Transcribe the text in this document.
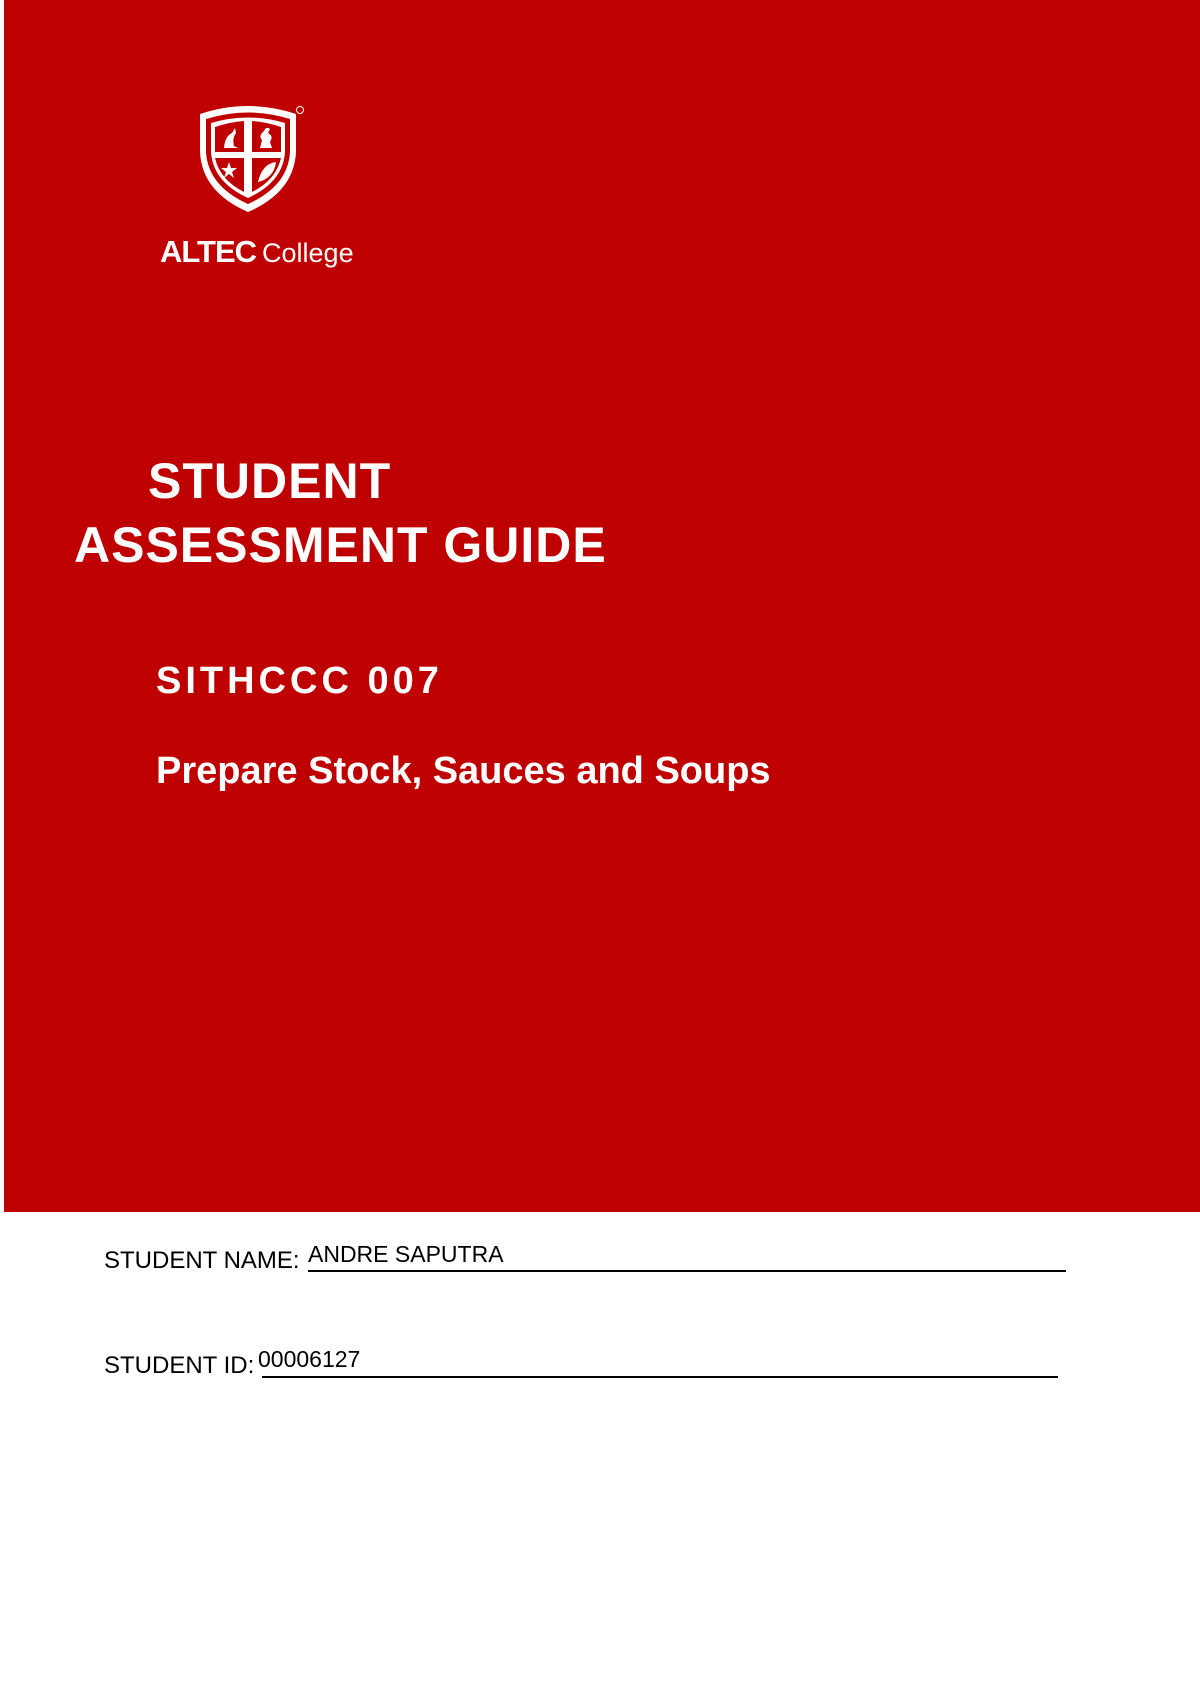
ALTEC College
STUDENT
ASSESSMENT GUIDE
SITHCCC 007
Prepare Stock, Sauces and Soups
STUDENT NAME: ANDRE SAPUTRA
STUDENT ID: 00006127
